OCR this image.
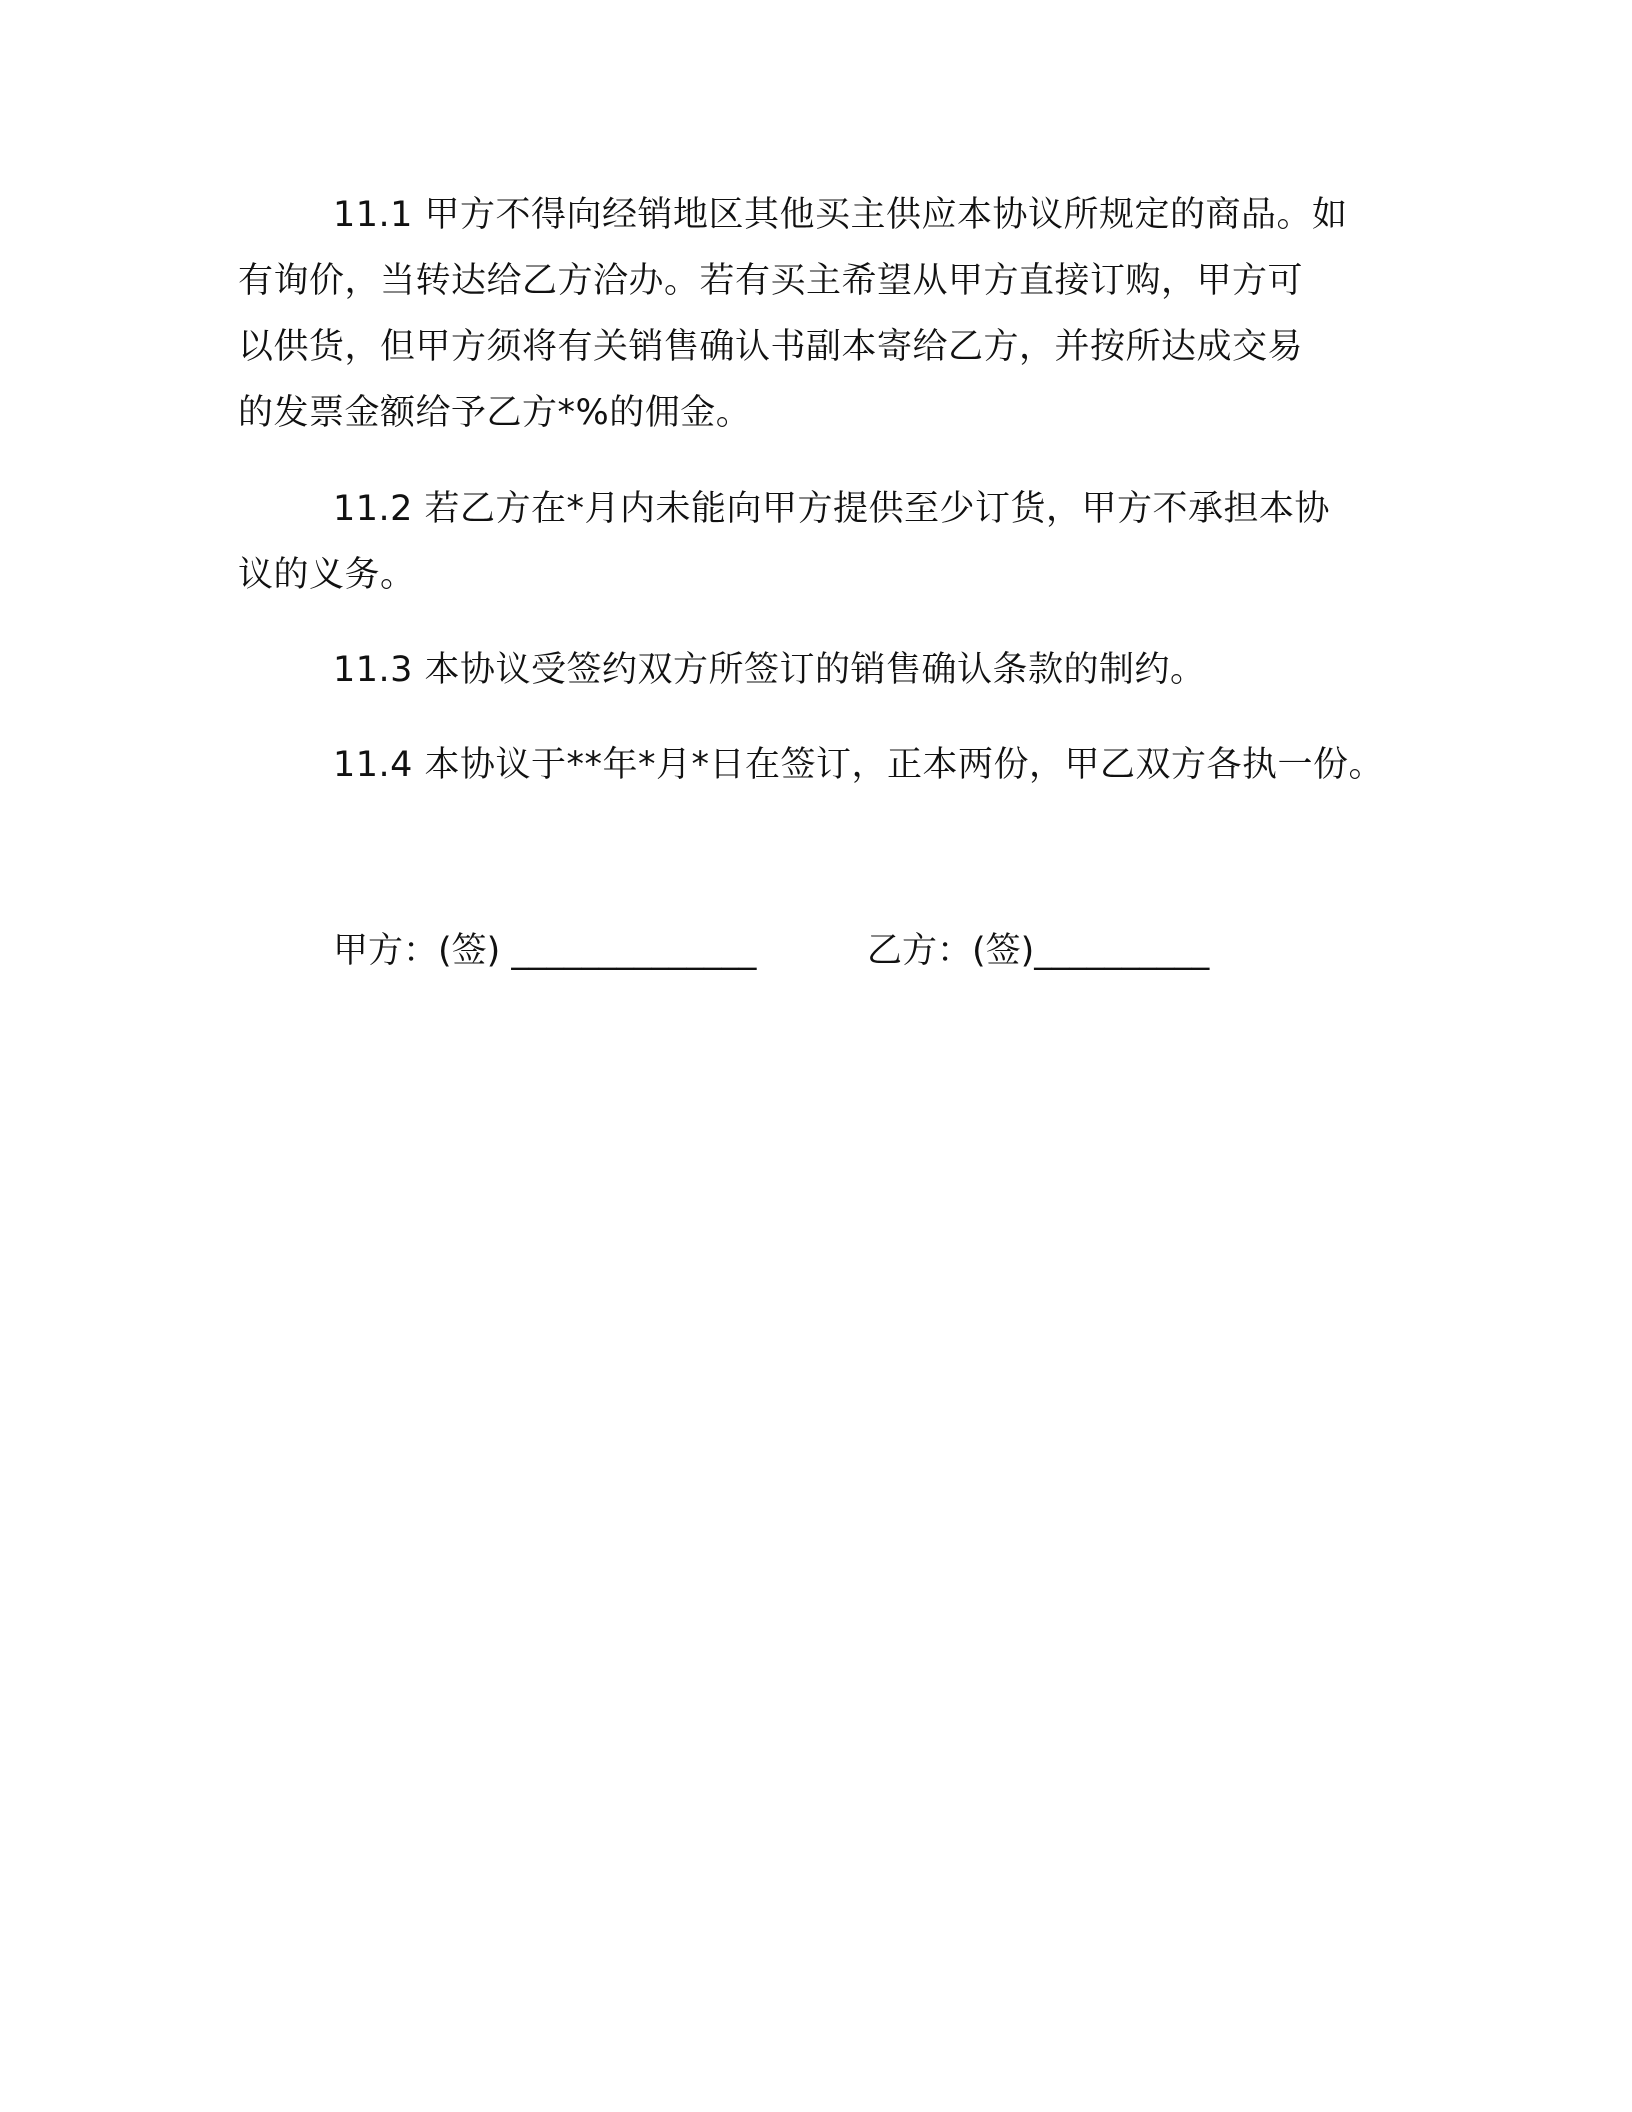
11.1 甲方不得向经销地区其他买主供应本协议所规定的商品。如
有询价，当转达给乙方洽办。若有买主希望从甲方直接订购，甲方可
以供货，但甲方须将有关销售确认书副本寄给乙方，并按所达成交易
的发票金额给予乙方*%的佣金。
11.2 若乙方在*月内未能向甲方提供至少订货，甲方不承担本协
议的义务。
11.3 本协议受签约双方所签订的销售确认条款的制约。
11.4 本协议于**年*月*日在签订，正本两份，甲乙双方各执一份。
甲方：(签) ______________	乙方：(签)__________
